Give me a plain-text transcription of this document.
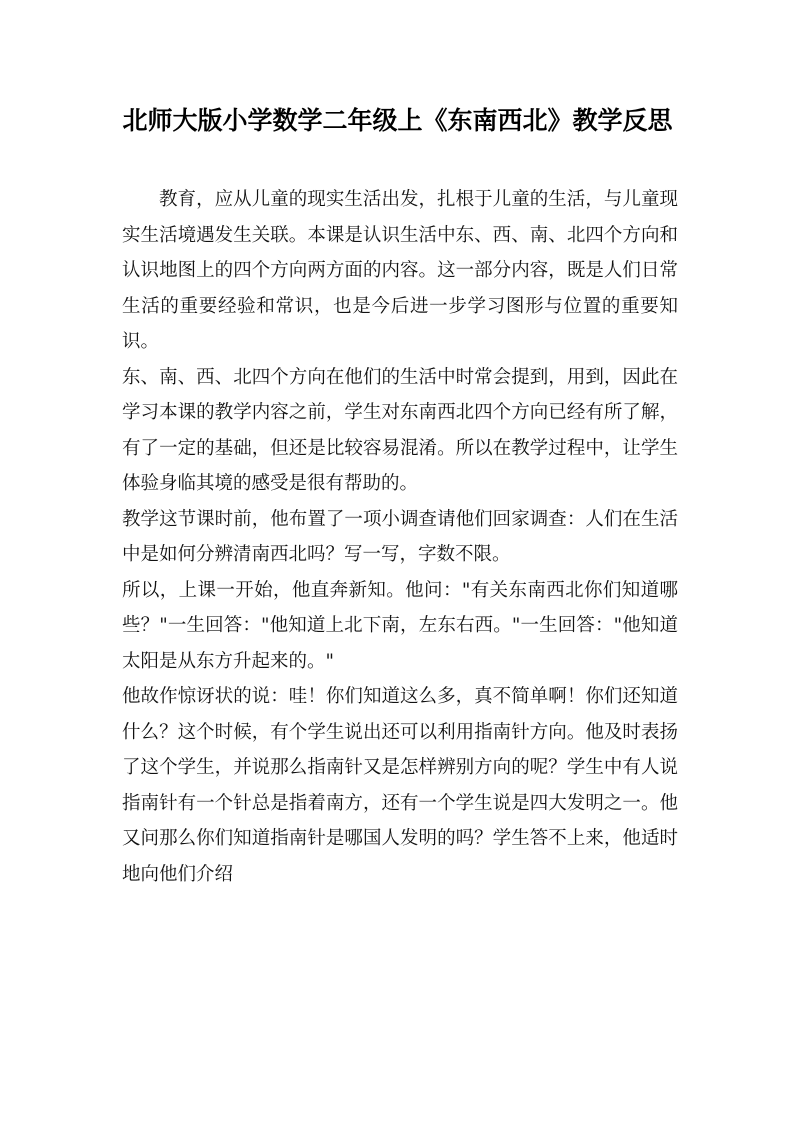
北师大版小学数学二年级上《东南西北》教学反思

教育，应从儿童的现实生活出发，扎根于儿童的生活，与儿童现实生活境遇发生关联。本课是认识生活中东、西、南、北四个方向和认识地图上的四个方向两方面的内容。这一部分内容，既是人们日常生活的重要经验和常识，也是今后进一步学习图形与位置的重要知识。

东、南、西、北四个方向在他们的生活中时常会提到，用到，因此在学习本课的教学内容之前，学生对东南西北四个方向已经有所了解，有了一定的基础，但还是比较容易混淆。所以在教学过程中，让学生体验身临其境的感受是很有帮助的。

教学这节课时前，他布置了一项小调查请他们回家调查：人们在生活中是如何分辨清南西北吗？写一写，字数不限。

所以，上课一开始，他直奔新知。他问："有关东南西北你们知道哪些？"一生回答："他知道上北下南，左东右西。"一生回答："他知道太阳是从东方升起来的。"

他故作惊讶状的说：哇！你们知道这么多，真不简单啊！你们还知道什么？这个时候，有个学生说出还可以利用指南针方向。他及时表扬了这个学生，并说那么指南针又是怎样辨别方向的呢？学生中有人说指南针有一个针总是指着南方，还有一个学生说是四大发明之一。他又问那么你们知道指南针是哪国人发明的吗？学生答不上来，他适时地向他们介绍
